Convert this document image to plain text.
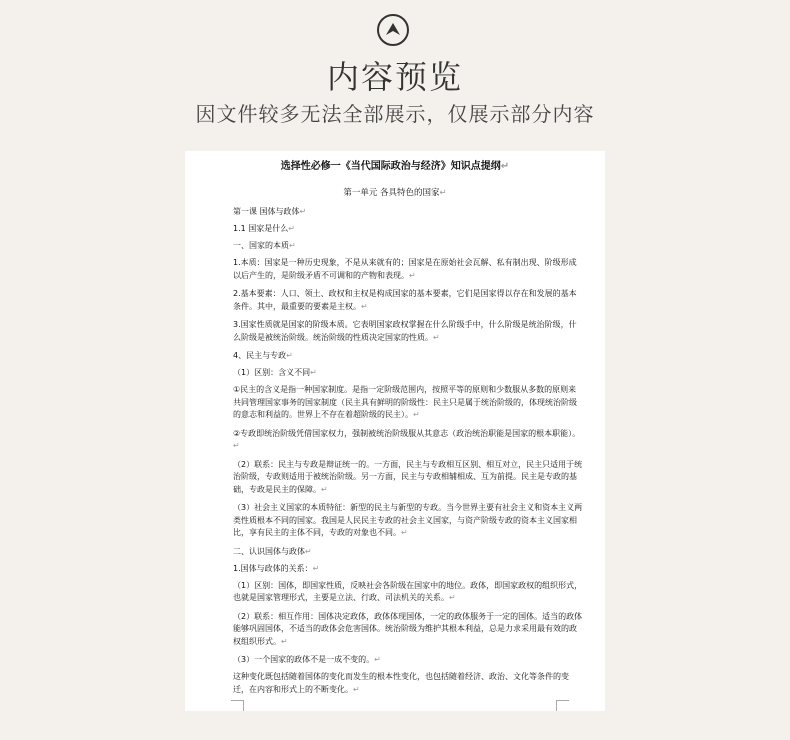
内容预览
因文件较多无法全部展示，仅展示部分内容
选择性必修一《当代国际政治与经济》知识点提纲↵
第一单元 各具特色的国家↵
第一课 国体与政体↵
1.1 国家是什么↵
一、国家的本质↵
1.本质：国家是一种历史现象，不是从来就有的；国家是在原始社会瓦解、私有制出现、阶级形成以后产生的，是阶级矛盾不可调和的产物和表现。↵
2.基本要素：人口、领土、政权和主权是构成国家的基本要素，它们是国家得以存在和发展的基本条件。其中，最重要的要素是主权。↵
3.国家性质就是国家的阶级本质。它表明国家政权掌握在什么阶级手中，什么阶级是统治阶级，什么阶级是被统治阶级。统治阶级的性质决定国家的性质。↵
4、民主与专政↵
（1）区别：含义不同↵
①民主的含义是指一种国家制度。是指一定阶级范围内，按照平等的原则和少数服从多数的原则来共同管理国家事务的国家制度（民主具有鲜明的阶级性：民主只是属于统治阶级的，体现统治阶级的意志和利益的。世界上不存在着超阶级的民主）。↵
②专政即统治阶级凭借国家权力，强制被统治阶级服从其意志（政治统治职能是国家的根本职能）。↵
（2）联系：民主与专政是辩证统一的。一方面，民主与专政相互区别、相互对立，民主只适用于统治阶级，专政则适用于被统治阶级。另一方面，民主与专政相辅相成、互为前提。民主是专政的基础，专政是民主的保障。↵
（3）社会主义国家的本质特征：新型的民主与新型的专政。当今世界主要有社会主义和资本主义两类性质根本不同的国家。我国是人民民主专政的社会主义国家，与资产阶级专政的资本主义国家相比，享有民主的主体不同，专政的对象也不同。↵
二、认识国体与政体↵
1.国体与政体的关系：↵
（1）区别：国体，即国家性质，反映社会各阶级在国家中的地位。政体，即国家政权的组织形式，也就是国家管理形式，主要是立法、行政、司法机关的关系。↵
（2）联系：相互作用：国体决定政体，政体体现国体，一定的政体服务于一定的国体。适当的政体能够巩固国体，不适当的政体会危害国体。统治阶级为维护其根本利益，总是力求采用最有效的政权组织形式。↵
（3）一个国家的政体不是一成不变的。↵
这种变化既包括随着国体的变化而发生的根本性变化，也包括随着经济、政治、文化等条件的变迁，在内容和形式上的不断变化。↵
